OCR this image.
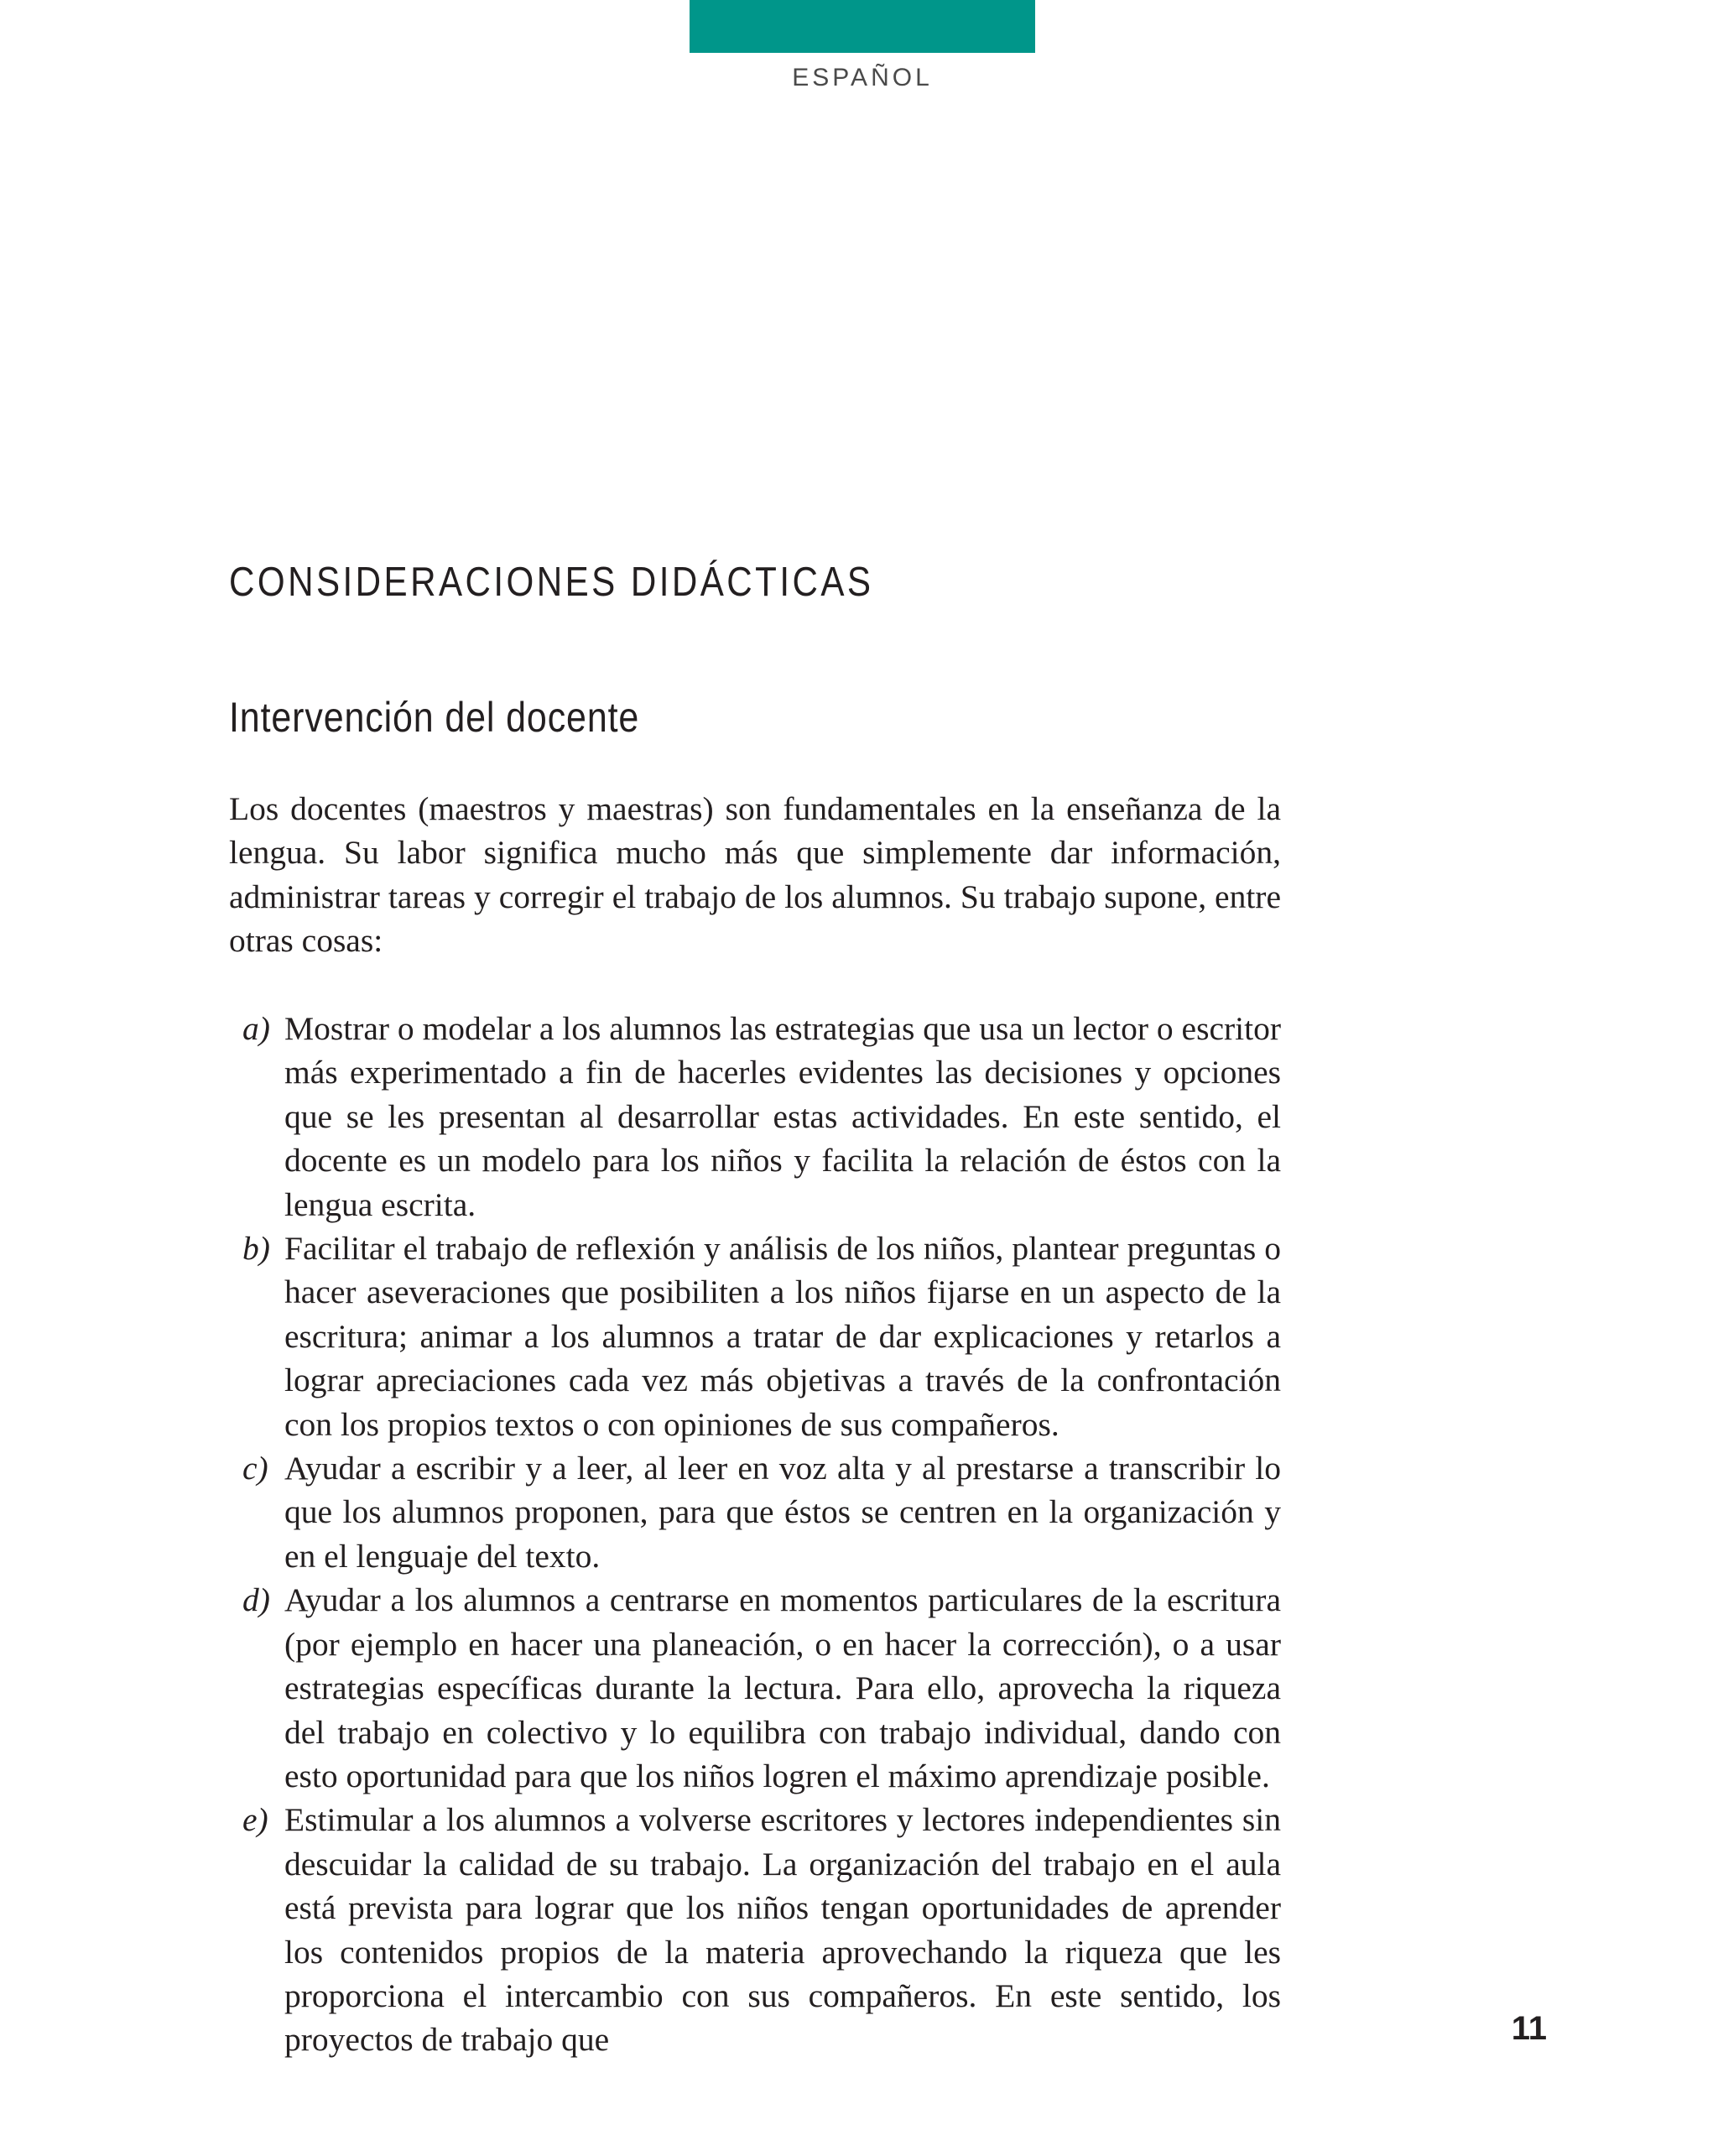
ESPAÑOL
CONSIDERACIONES DIDÁCTICAS
Intervención del docente

Los docentes (maestros y maestras) son fundamentales en la enseñanza de la lengua. Su labor significa mucho más que simplemente dar información, administrar tareas y corregir el trabajo de los alumnos. Su trabajo supone, entre otras cosas:

a) Mostrar o modelar a los alumnos las estrategias que usa un lector o escritor más experimentado a fin de hacerles evidentes las decisiones y opciones que se les presentan al desarrollar estas actividades. En este sentido, el docente es un modelo para los niños y facilita la relación de éstos con la lengua escrita.
b) Facilitar el trabajo de reflexión y análisis de los niños, plantear preguntas o hacer aseveraciones que posibiliten a los niños fijarse en un aspecto de la escritura; animar a los alumnos a tratar de dar explicaciones y retarlos a lograr apreciaciones cada vez más objetivas a través de la confrontación con los propios textos o con opiniones de sus compañeros.
c) Ayudar a escribir y a leer, al leer en voz alta y al prestarse a transcribir lo que los alumnos proponen, para que éstos se centren en la organización y en el lenguaje del texto.
d) Ayudar a los alumnos a centrarse en momentos particulares de la escritura (por ejemplo en hacer una planeación, o en hacer la corrección), o a usar estrategias específicas durante la lectura. Para ello, aprovecha la riqueza del trabajo en colectivo y lo equilibra con trabajo individual, dando con esto oportunidad para que los niños logren el máximo aprendizaje posible.
e) Estimular a los alumnos a volverse escritores y lectores independientes sin descuidar la calidad de su trabajo. La organización del trabajo en el aula está prevista para lograr que los niños tengan oportunidades de aprender los contenidos propios de la materia aprovechando la riqueza que les proporciona el intercambio con sus compañeros. En este sentido, los proyectos de trabajo que	11
